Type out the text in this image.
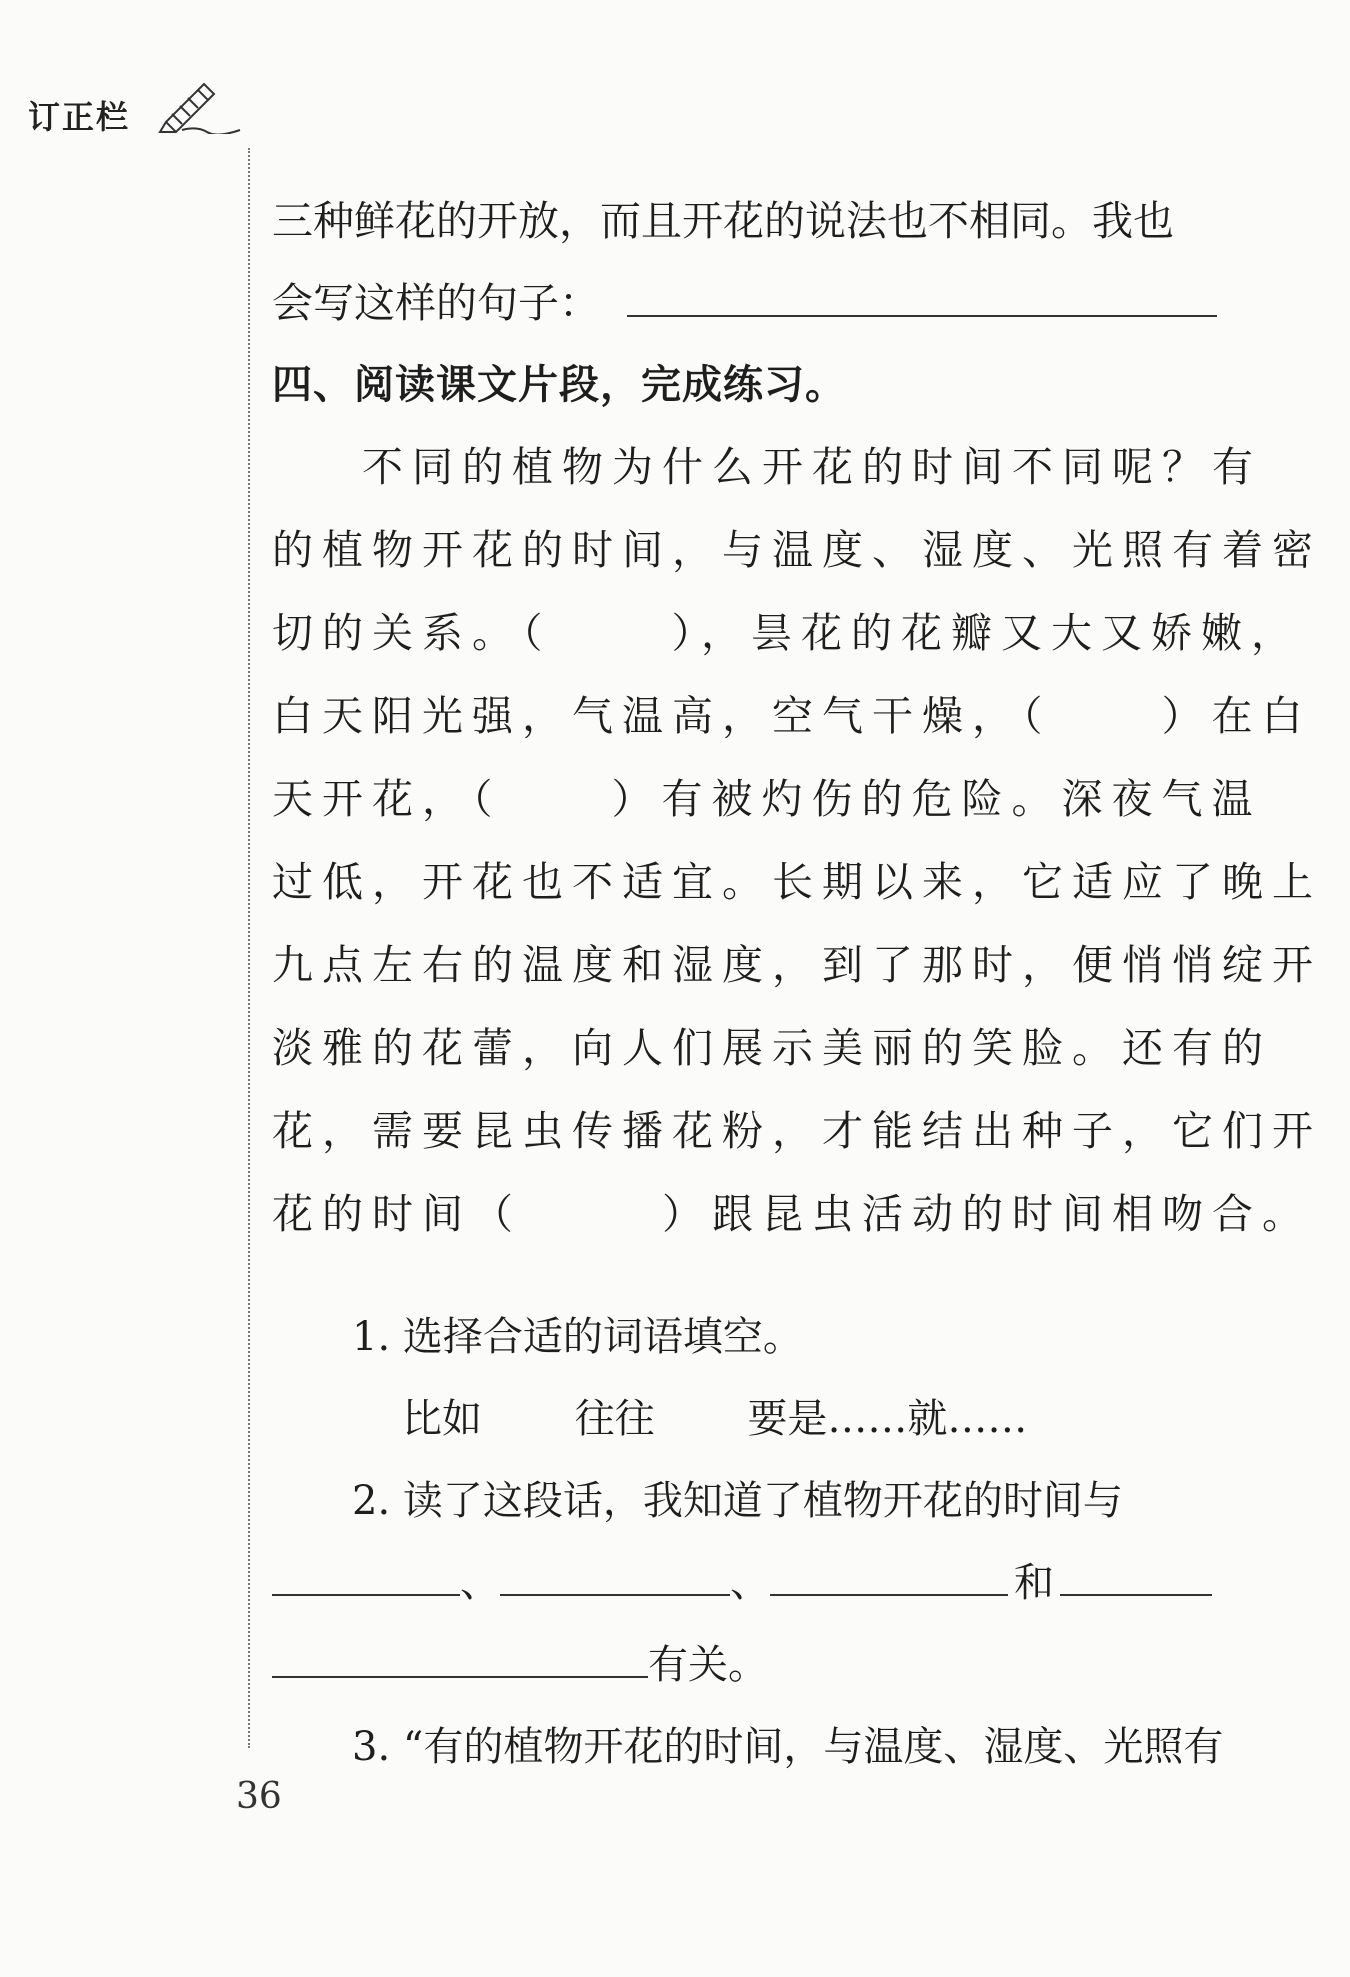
订正栏
三种鲜花的开放，而且开花的说法也不相同。我也
会写这样的句子：
四、阅读课文片段，完成练习。
不同的植物为什么开花的时间不同呢？有
的植物开花的时间，与温度、湿度、光照有着密
切的关系。（	），昙花的花瓣又大又娇嫩，
白天阳光强，气温高，空气干燥，（	）在白
天开花，（	）有被灼伤的危险。深夜气温
过低，开花也不适宜。长期以来，它适应了晚上
九点左右的温度和湿度，到了那时，便悄悄绽开
淡雅的花蕾，向人们展示美丽的笑脸。还有的
花，需要昆虫传播花粉，才能结出种子，它们开
花的时间（	）跟昆虫活动的时间相吻合。
1. 选择合适的词语填空。
比如 往往 要是……就……
2. 读了这段话，我知道了植物开花的时间与
、	、	和
有关。
3. “有的植物开花的时间，与温度、湿度、光照有
36
